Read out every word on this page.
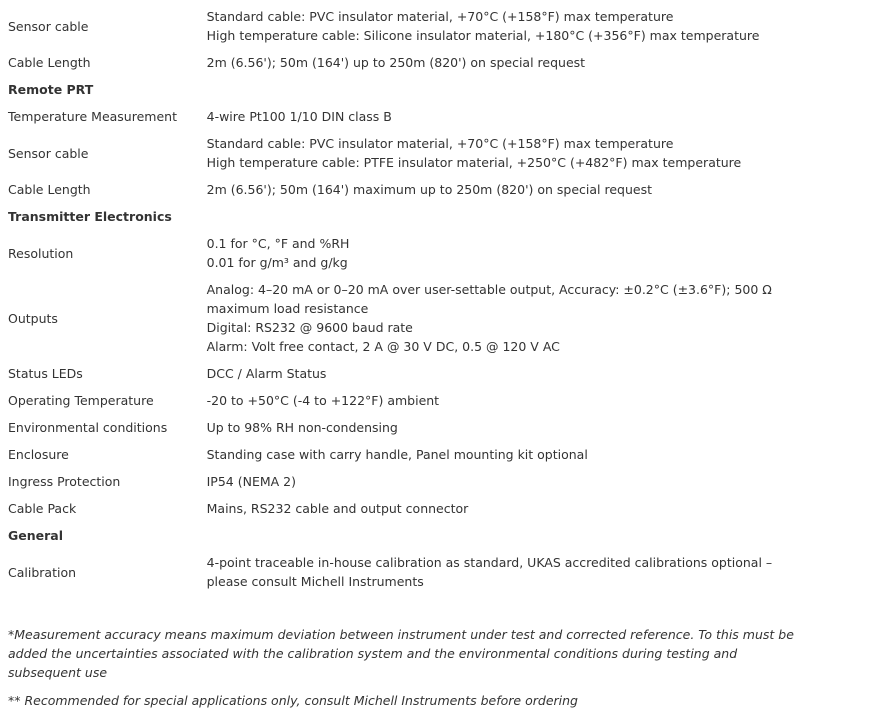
Sensor cable	Standard cable: PVC insulator material, +70°C (+158°F) max temperature
High temperature cable: Silicone insulator material, +180°C (+356°F) max temperature

Cable Length	2m (6.56'); 50m (164') up to 250m (820') on special request

Remote PRT	
Temperature Measurement	4-wire Pt100 1/10 DIN class B

Sensor cable	Standard cable: PVC insulator material, +70°C (+158°F) max temperature
High temperature cable: PTFE insulator material, +250°C (+482°F) max temperature

Cable Length	2m (6.56'); 50m (164') maximum up to 250m (820') on special request

Transmitter Electronics	
Resolution	0.1 for °C, °F and %RH
0.01 for g/m³ and g/kg

Outputs	Analog: 4–20 mA or 0–20 mA over user-settable output, Accuracy: ±0.2°C (±3.6°F); 500 Ω maximum load resistance
Digital: RS232 @ 9600 baud rate
Alarm: Volt free contact, 2 A @ 30 V DC, 0.5 @ 120 V AC

Status LEDs	DCC / Alarm Status

Operating Temperature	-20 to +50°C (-4 to +122°F) ambient

Environmental conditions	Up to 98% RH non-condensing

Enclosure	Standing case with carry handle, Panel mounting kit optional

Ingress Protection	IP54 (NEMA 2)

Cable Pack	Mains, RS232 cable and output connector

General	
Calibration	4-point traceable in-house calibration as standard, UKAS accredited calibrations optional – please consult Michell Instruments

*Measurement accuracy means maximum deviation between instrument under test and corrected reference. To this must be added the uncertainties associated with the calibration system and the environmental conditions during testing and subsequent use

** Recommended for special applications only, consult Michell Instruments before ordering
